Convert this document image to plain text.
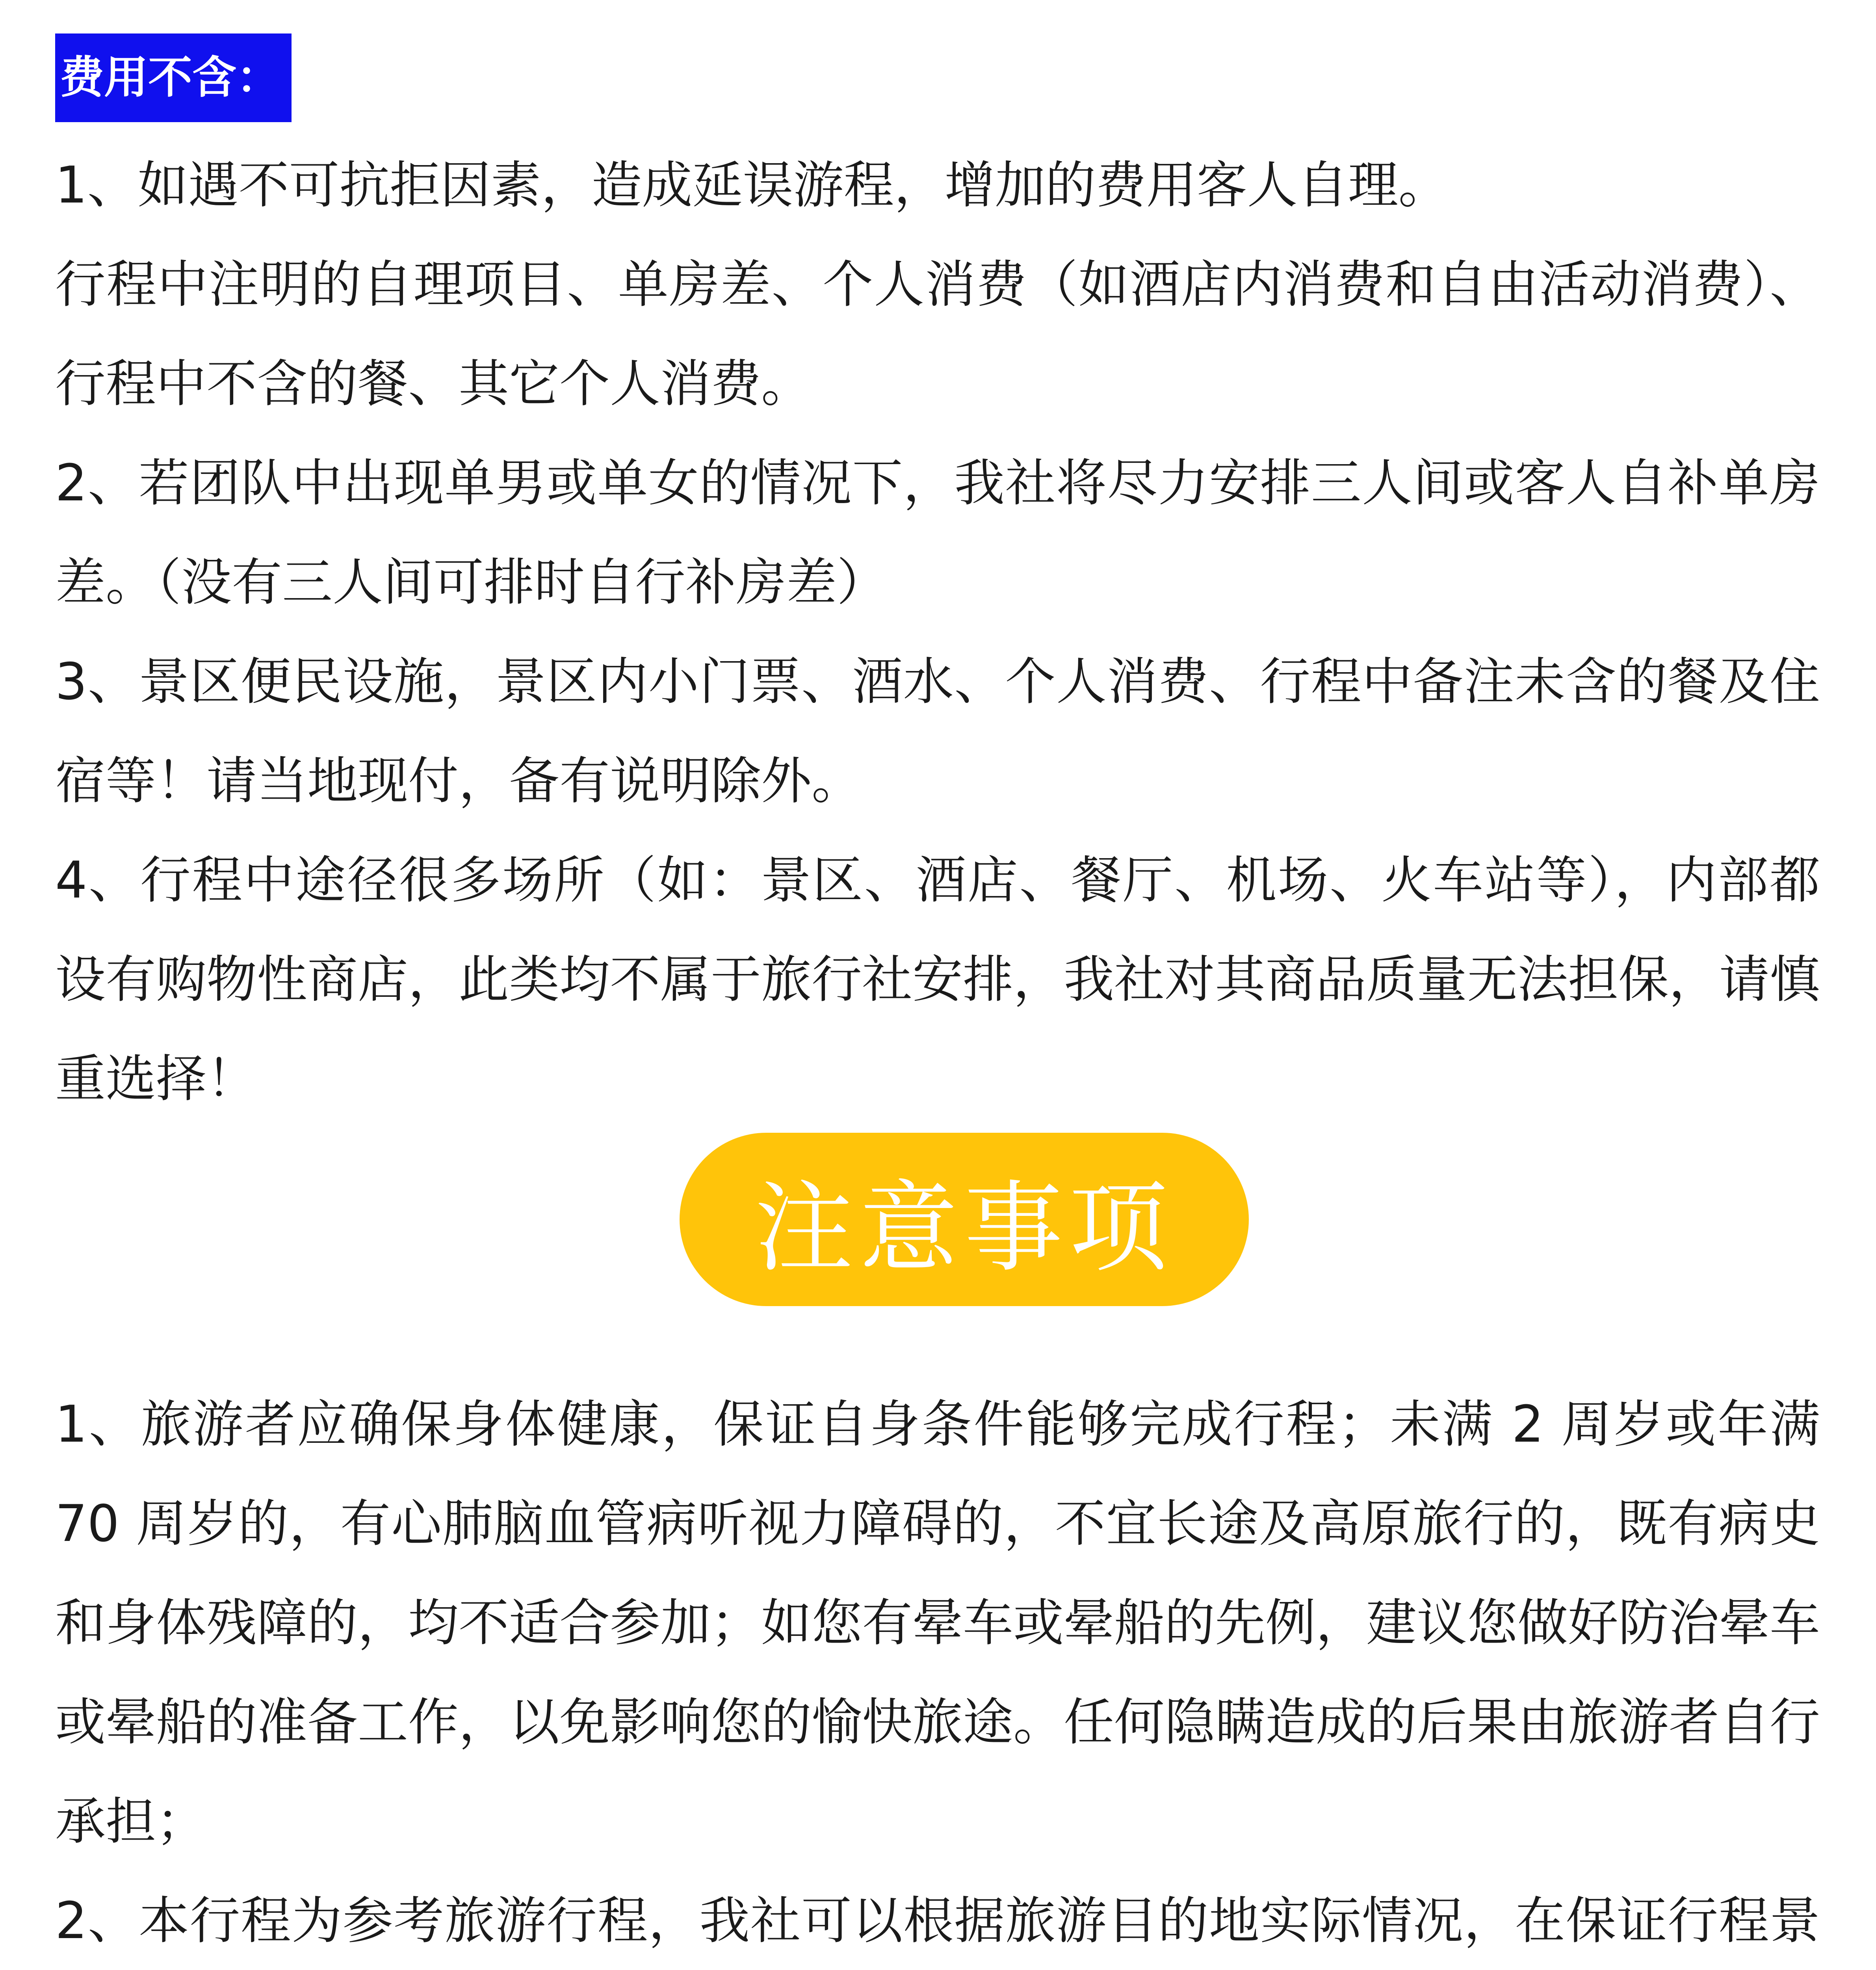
费用不含：

1、如遇不可抗拒因素，造成延误游程，增加的费用客人自理。

行程中注明的自理项目、单房差、个人消费（如酒店内消费和自由活动消费）、行程中不含的餐、其它个人消费。

2、若团队中出现单男或单女的情况下，我社将尽力安排三人间或客人自补单房差。（没有三人间可排时自行补房差）

3、景区便民设施，景区内小门票、酒水、个人消费、行程中备注未含的餐及住宿等！请当地现付，备有说明除外。

4、行程中途径很多场所（如：景区、酒店、餐厅、机场、火车站等），内部都设有购物性商店，此类均不属于旅行社安排，我社对其商品质量无法担保，请慎重选择！

注意事项

1、旅游者应确保身体健康，保证自身条件能够完成行程；未满 2 周岁或年满 70 周岁的，有心肺脑血管病听视力障碍的，不宜长途及高原旅行的，既有病史和身体残障的，均不适合参加；如您有晕车或晕船的先例，建议您做好防治晕车或晕船的准备工作，以免影响您的愉快旅途。任何隐瞒造成的后果由旅游者自行承担；

2、本行程为参考旅游行程，我社可以根据旅游目的地实际情况，在保证行程景
